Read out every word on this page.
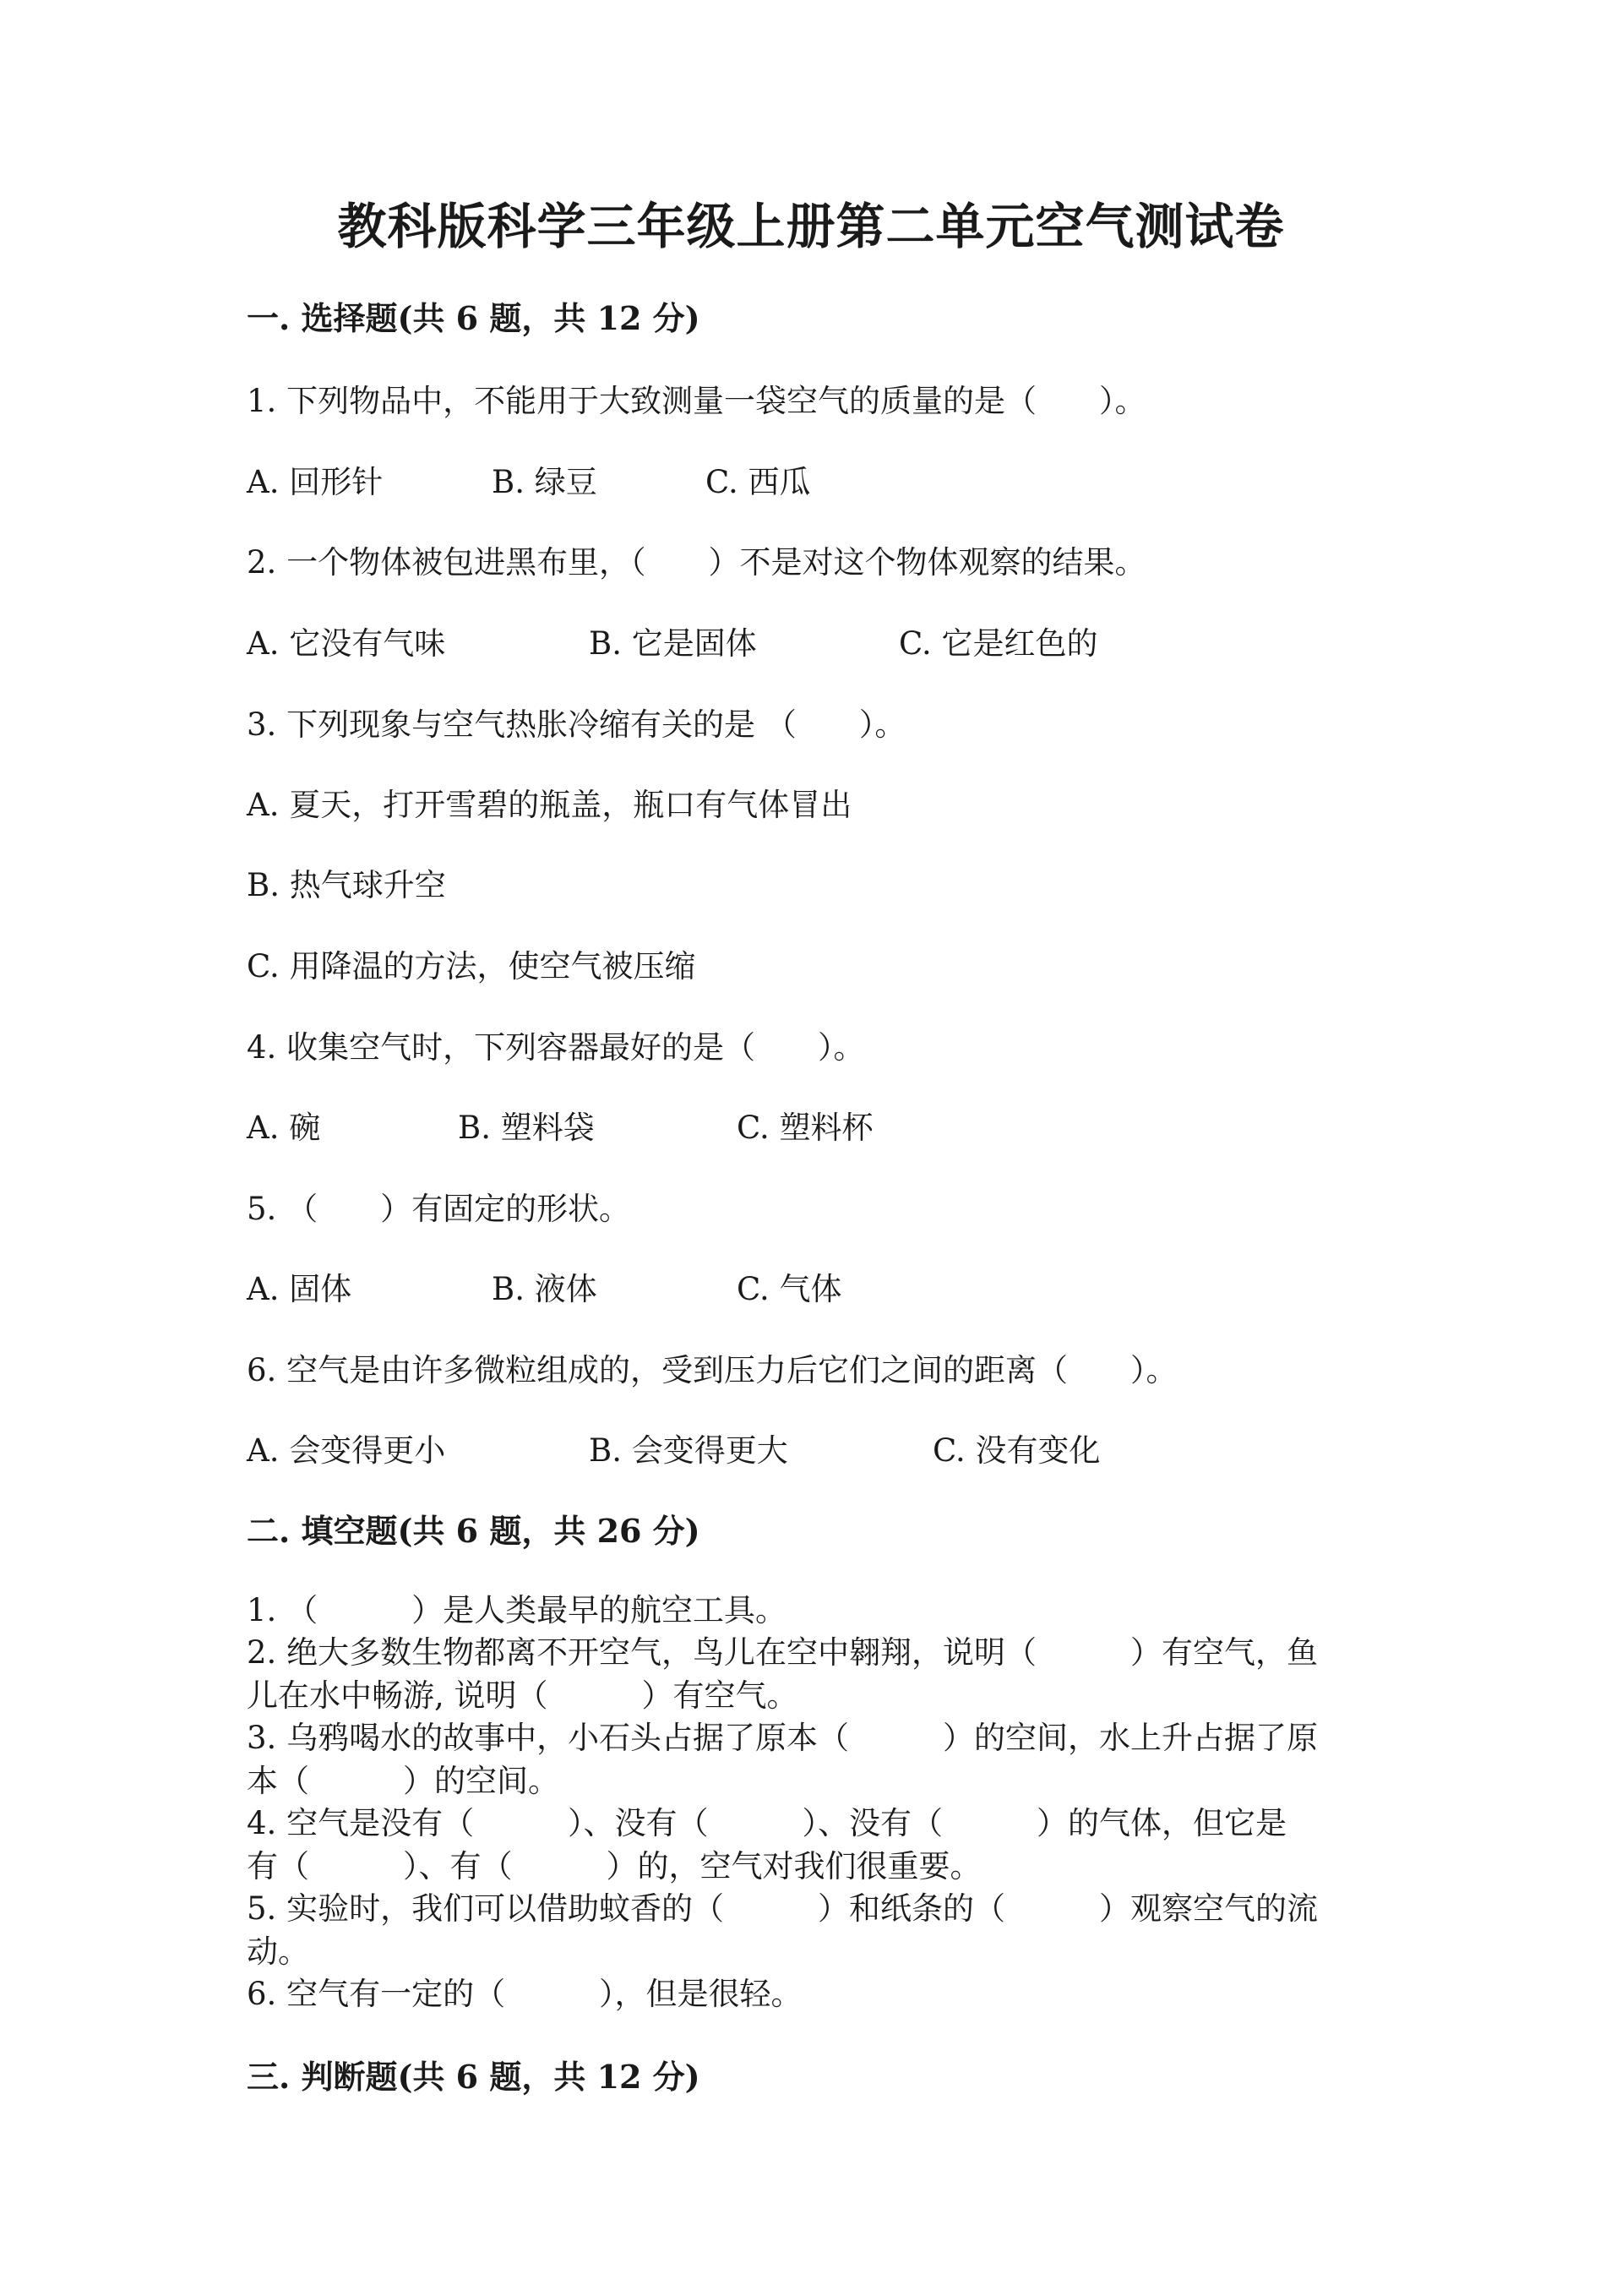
教科版科学三年级上册第二单元空气测试卷
一. 选择题(共 6 题，共 12 分)
1. 下列物品中，不能用于大致测量一袋空气的质量的是（　　）。
A. 回形针	B. 绿豆	C. 西瓜
2. 一个物体被包进黑布里，（　　）不是对这个物体观察的结果。
A. 它没有气味	B. 它是固体	C. 它是红色的
3. 下列现象与空气热胀冷缩有关的是 （　　）。
A. 夏天，打开雪碧的瓶盖，瓶口有气体冒出
B. 热气球升空
C. 用降温的方法，使空气被压缩
4. 收集空气时，下列容器最好的是（　　）。
A. 碗	B. 塑料袋	C. 塑料杯
5. （　　）有固定的形状。
A. 固体	B. 液体	C. 气体
6. 空气是由许多微粒组成的，受到压力后它们之间的距离（　　）。
A. 会变得更小	B. 会变得更大	C. 没有变化
二. 填空题(共 6 题，共 26 分)
1. （　　　）是人类最早的航空工具。
2. 绝大多数生物都离不开空气，鸟儿在空中翱翔，说明（　　　）有空气，鱼
儿在水中畅游, 说明（　　　）有空气。
3. 乌鸦喝水的故事中，小石头占据了原本（　　　）的空间，水上升占据了原
本（　　　）的空间。
4. 空气是没有（　　　）、没有（　　　）、没有（　　　）的气体，但它是
有（　　　）、有（　　　）的，空气对我们很重要。
5. 实验时，我们可以借助蚊香的（　　　）和纸条的（　　　）观察空气的流
动。
6. 空气有一定的（　　　），但是很轻。
三. 判断题(共 6 题，共 12 分)
